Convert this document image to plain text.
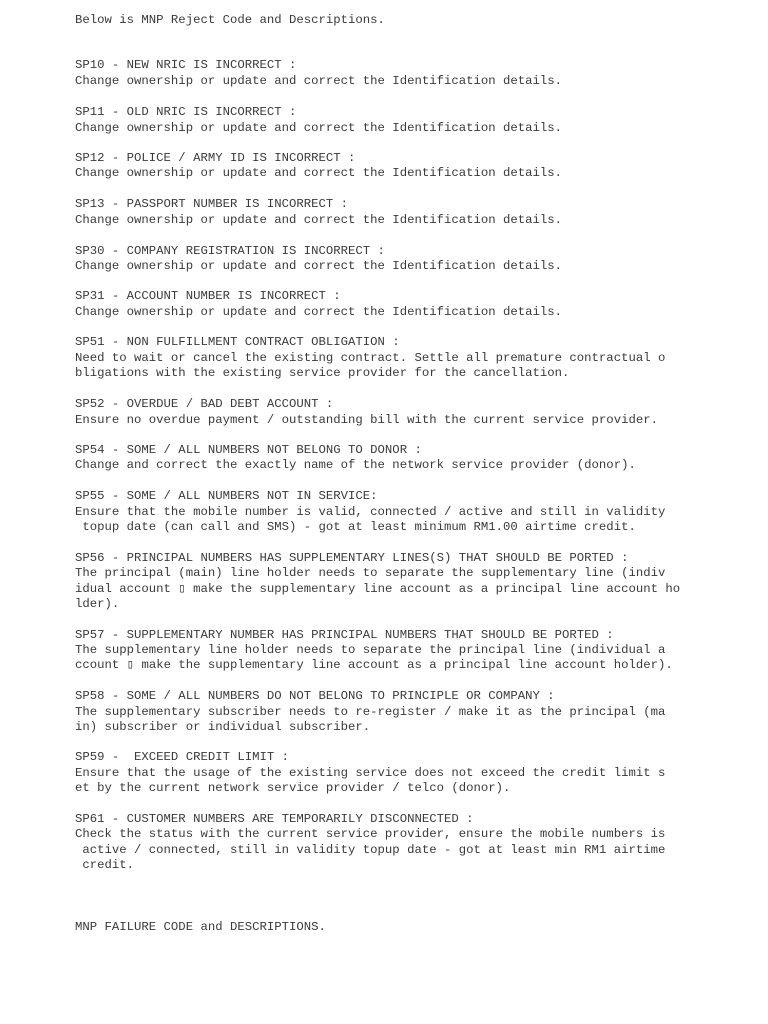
Below is MNP Reject Code and Descriptions.

SP10 - NEW NRIC IS INCORRECT :

Change ownership or update and correct the Identification details.

SP11 - OLD NRIC IS INCORRECT :

Change ownership or update and correct the Identification details.

SP12 - POLICE / ARMY ID IS INCORRECT :

Change ownership or update and correct the Identification details.

SP13 - PASSPORT NUMBER IS INCORRECT :

Change ownership or update and correct the Identification details.

SP30 - COMPANY REGISTRATION IS INCORRECT :

Change ownership or update and correct the Identification details.

SP31 - ACCOUNT NUMBER IS INCORRECT :

Change ownership or update and correct the Identification details.

SP51 - NON FULFILLMENT CONTRACT OBLIGATION :

Need to wait or cancel the existing contract. Settle all premature contractual o

bligations with the existing service provider for the cancellation.

SP52 - OVERDUE / BAD DEBT ACCOUNT :

Ensure no overdue payment / outstanding bill with the current service provider.

SP54 - SOME / ALL NUMBERS NOT BELONG TO DONOR :

Change and correct the exactly name of the network service provider (donor).

SP55 - SOME / ALL NUMBERS NOT IN SERVICE:

Ensure that the mobile number is valid, connected / active and still in validity

topup date (can call and SMS) - got at least minimum RM1.00 airtime credit.

SP56 - PRINCIPAL NUMBERS HAS SUPPLEMENTARY LINES(S) THAT SHOULD BE PORTED :

The principal (main) line holder needs to separate the supplementary line (indiv

idual account ▯ make the supplementary line account as a principal line account ho

lder).

SP57 - SUPPLEMENTARY NUMBER HAS PRINCIPAL NUMBERS THAT SHOULD BE PORTED :

The supplementary line holder needs to separate the principal line (individual a

ccount ▯ make the supplementary line account as a principal line account holder).

SP58 - SOME / ALL NUMBERS DO NOT BELONG TO PRINCIPLE OR COMPANY :

The supplementary subscriber needs to re-register / make it as the principal (ma

in) subscriber or individual subscriber.

SP59 -  EXCEED CREDIT LIMIT :

Ensure that the usage of the existing service does not exceed the credit limit s

et by the current network service provider / telco (donor).

SP61 - CUSTOMER NUMBERS ARE TEMPORARILY DISCONNECTED :

Check the status with the current service provider, ensure the mobile numbers is

active / connected, still in validity topup date - got at least min RM1 airtime

credit.

MNP FAILURE CODE and DESCRIPTIONS.
